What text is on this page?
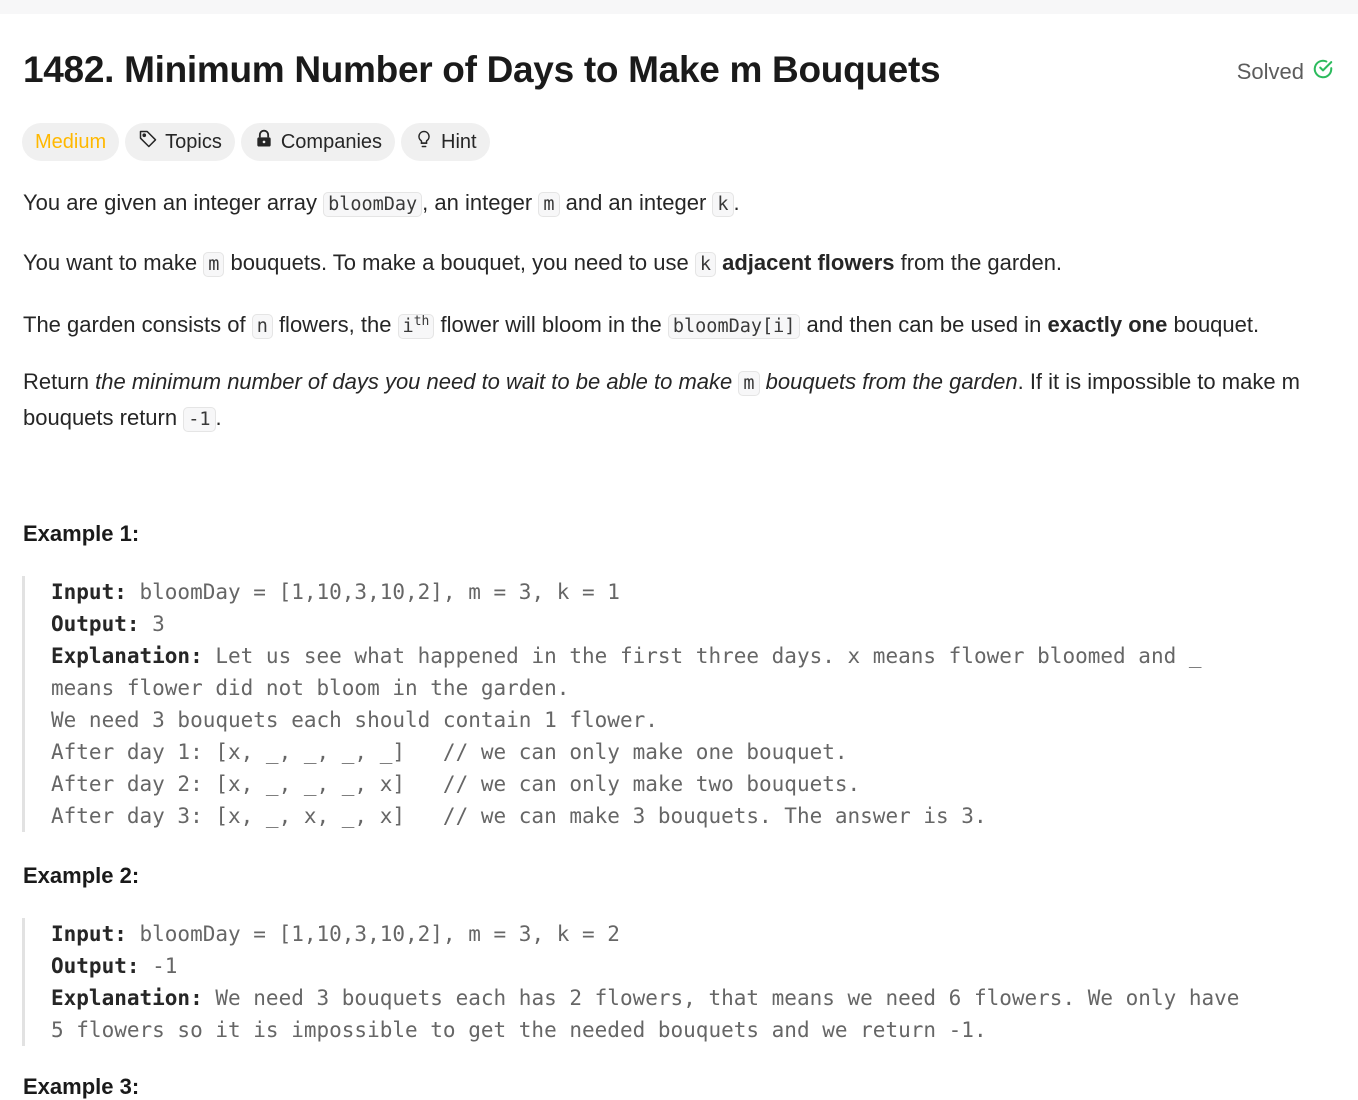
1482. Minimum Number of Days to Make m Bouquets	Solved
Medium	Topics	Companies	Hint

You are given an integer array bloomDay , an integer m and an integer k .

You want to make m bouquets. To make a bouquet, you need to use k adjacent flowers from the garden.

The garden consists of n flowers, the $i^{th}$ flower will bloom in the bloomDay[i] and then can be used in exactly one bouquet.

Return the minimum number of days you need to wait to be able to make m bouquets from the garden. If it is impossible to make m bouquets return -1 .

Example 1:
Input: bloomDay = [1,10,3,10,2], m = 3, k = 1
Output: 3
Explanation: Let us see what happened in the first three days. x means flower bloomed and _
means flower did not bloom in the garden.
We need 3 bouquets each should contain 1 flower.
After day 1: [x, _, _, _, _]   // we can only make one bouquet.
After day 2: [x, _, _, _, x]   // we can only make two bouquets.
After day 3: [x, _, x, _, x]   // we can make 3 bouquets. The answer is 3.
Example 2:
Input: bloomDay = [1,10,3,10,2], m = 3, k = 2
Output: -1
Explanation: We need 3 bouquets each has 2 flowers, that means we need 6 flowers. We only have
5 flowers so it is impossible to get the needed bouquets and we return -1.
Example 3:
